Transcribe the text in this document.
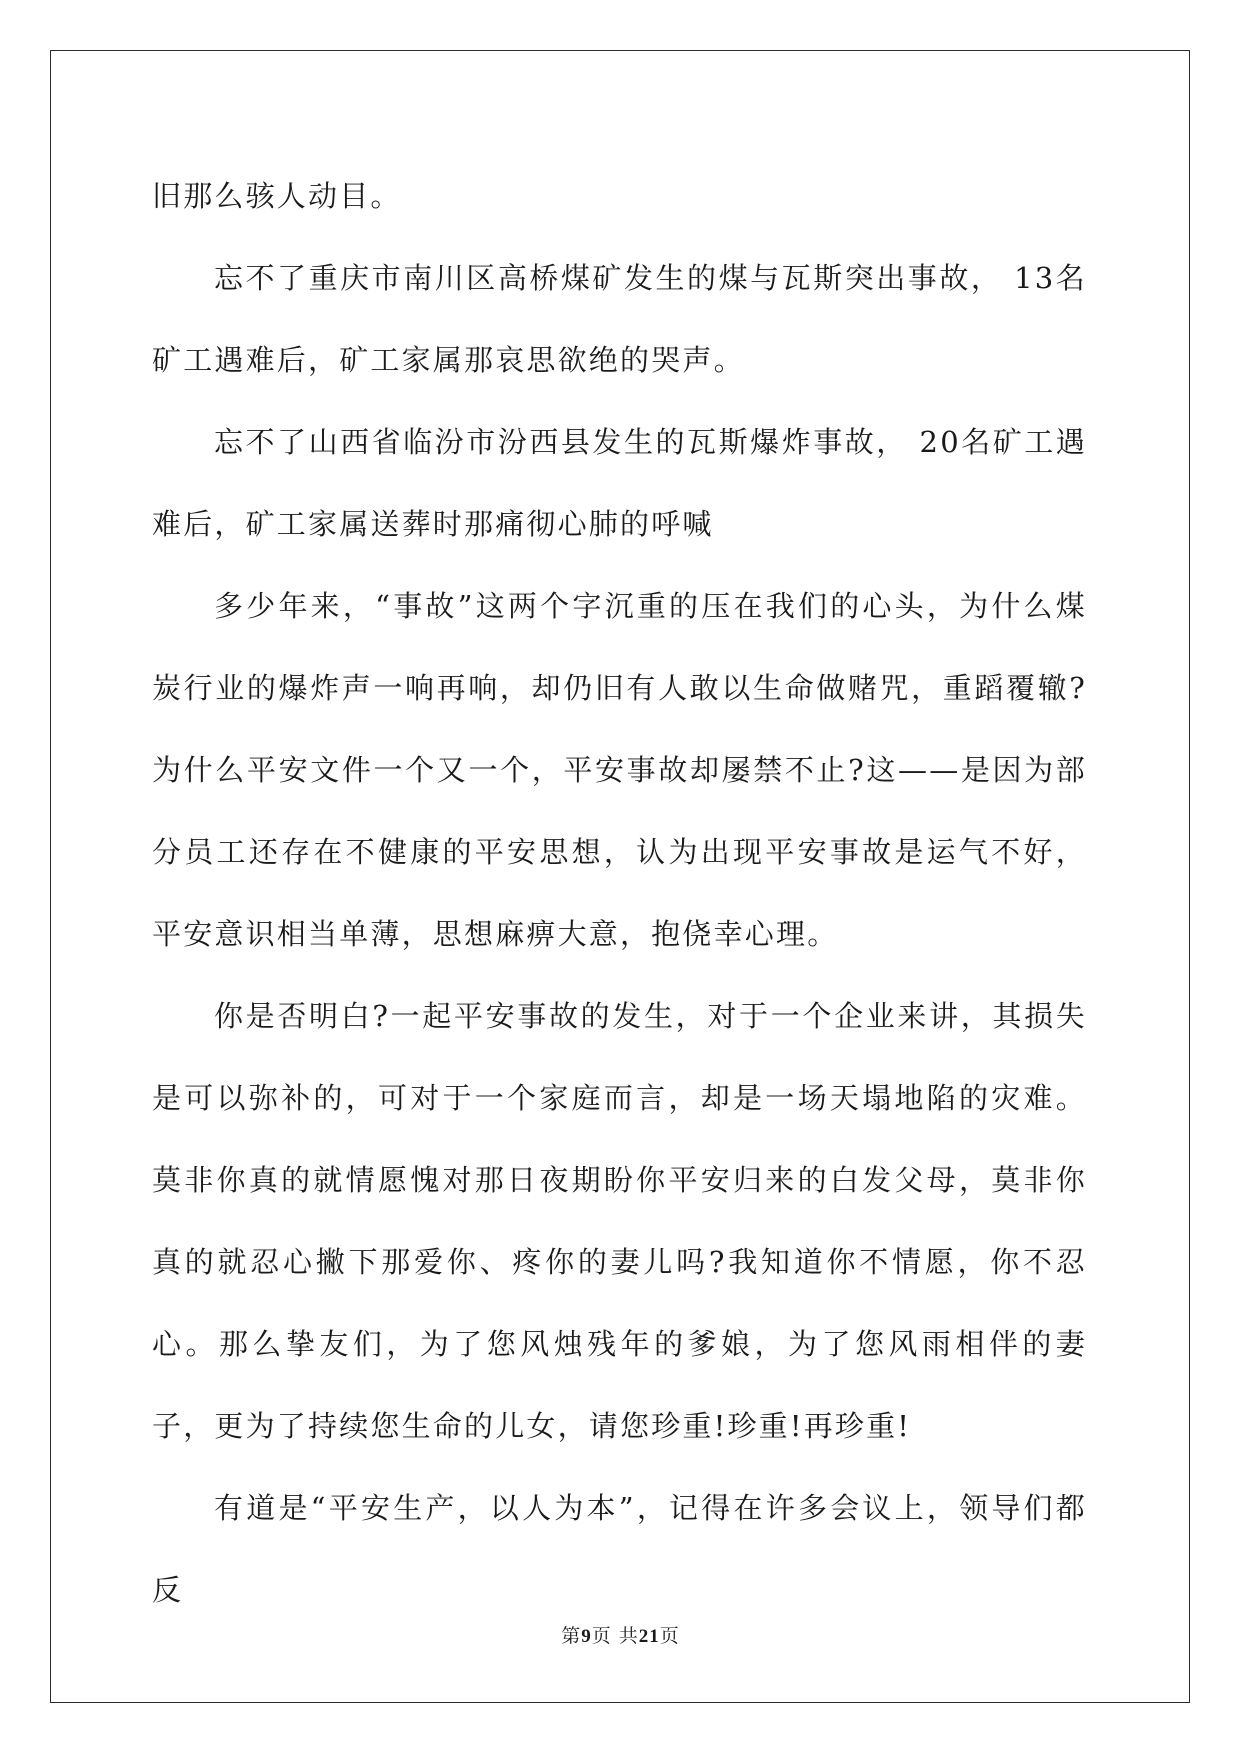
旧那么骇人动目。

忘不了重庆市南川区高桥煤矿发生的煤与瓦斯突出事故， 13名矿工遇难后，矿工家属那哀思欲绝的哭声。

忘不了山西省临汾市汾西县发生的瓦斯爆炸事故， 20名矿工遇难后，矿工家属送葬时那痛彻心肺的呼喊

多少年来，“事故”这两个字沉重的压在我们的心头，为什么煤炭行业的爆炸声一响再响，却仍旧有人敢以生命做赌咒，重蹈覆辙?为什么平安文件一个又一个，平安事故却屡禁不止?这——是因为部分员工还存在不健康的平安思想，认为出现平安事故是运气不好，平安意识相当单薄，思想麻痹大意，抱侥幸心理。

你是否明白?一起平安事故的发生，对于一个企业来讲，其损失是可以弥补的，可对于一个家庭而言，却是一场天塌地陷的灾难。莫非你真的就情愿愧对那日夜期盼你平安归来的白发父母，莫非你真的就忍心撇下那爱你、疼你的妻儿吗?我知道你不情愿，你不忍心。那么挚友们，为了您风烛残年的爹娘，为了您风雨相伴的妻子，更为了持续您生命的儿女，请您珍重!珍重!再珍重!

有道是“平安生产，以人为本”，记得在许多会议上，领导们都反

第9页 共21页
